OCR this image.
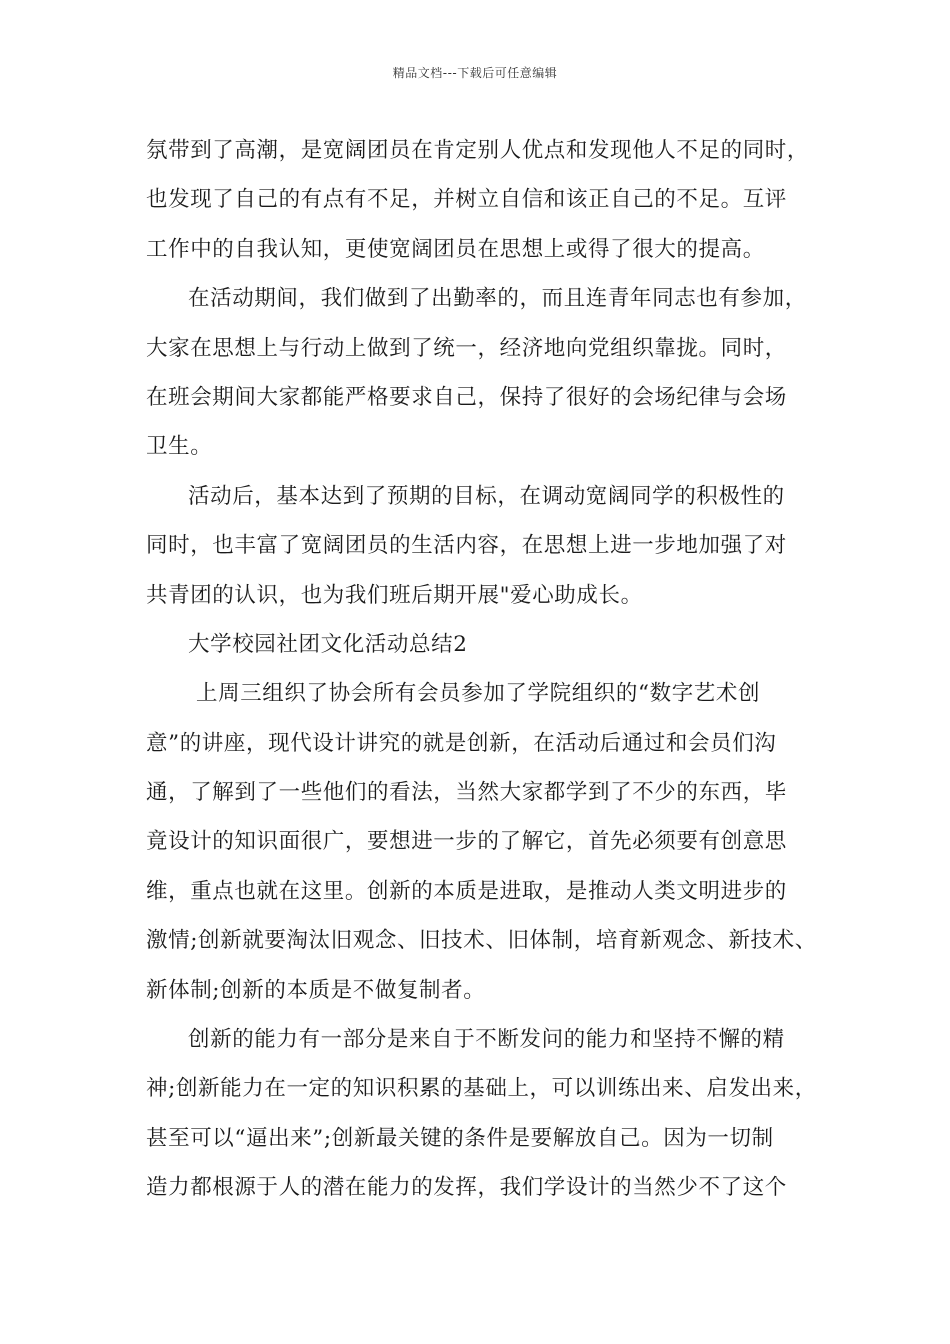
精品文档---下载后可任意编辑
氛带到了高潮，是宽阔团员在肯定别人优点和发现他人不足的同时，
也发现了自己的有点有不足，并树立自信和该正自己的不足。互评
工作中的自我认知，更使宽阔团员在思想上或得了很大的提高。
在活动期间，我们做到了出勤率的，而且连青年同志也有参加，
大家在思想上与行动上做到了统一，经济地向党组织靠拢。同时，
在班会期间大家都能严格要求自己，保持了很好的会场纪律与会场
卫生。
活动后，基本达到了预期的目标，在调动宽阔同学的积极性的
同时，也丰富了宽阔团员的生活内容，在思想上进一步地加强了对
共青团的认识，也为我们班后期开展"爱心助成长。
大学校园社团文化活动总结2
上周三组织了协会所有会员参加了学院组织的“数字艺术创
意”的讲座，现代设计讲究的就是创新，在活动后通过和会员们沟
通，了解到了一些他们的看法，当然大家都学到了不少的东西，毕
竟设计的知识面很广，要想进一步的了解它，首先必须要有创意思
维，重点也就在这里。创新的本质是进取，是推动人类文明进步的
激情;创新就要淘汰旧观念、旧技术、旧体制，培育新观念、新技术、
新体制;创新的本质是不做复制者。
创新的能力有一部分是来自于不断发问的能力和坚持不懈的精
神;创新能力在一定的知识积累的基础上，可以训练出来、启发出来，
甚至可以“逼出来”;创新最关键的条件是要解放自己。因为一切制
造力都根源于人的潜在能力的发挥，我们学设计的当然少不了这个
